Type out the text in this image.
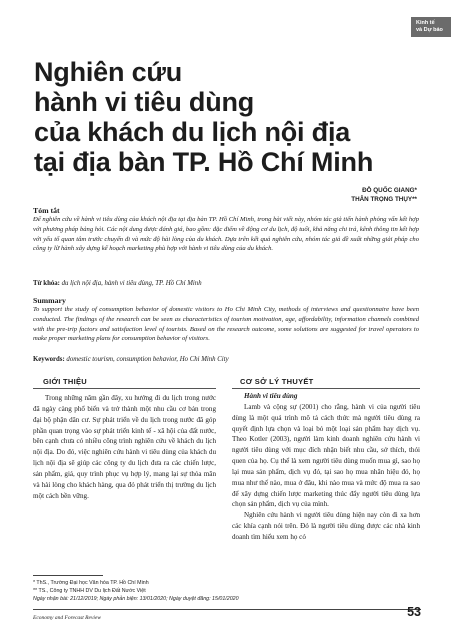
Kinh tế
và Dự báo
Nghiên cứu
hành vi tiêu dùng
của khách du lịch nội địa
tại địa bàn TP. Hồ Chí Minh
ĐỖ QUỐC GIANG*
THÂN TRỌNG THỤY**
Tóm tắt
Để nghiên cứu về hành vi tiêu dùng của khách nội địa tại địa bàn TP. Hồ Chí Minh, trong bài viết này, nhóm tác giả tiến hành phỏng vấn kết hợp với phương pháp bảng hỏi. Các nội dung được đánh giá, bao gồm: đặc điểm về động cơ du lịch, độ tuổi, khả năng chi trả, kênh thông tin kết hợp với yếu tố quan tâm trước chuyến đi và mức độ hài lòng của du khách. Dựa trên kết quả nghiên cứu, nhóm tác giả đề xuất những giải pháp cho công ty lữ hành xây dựng kế hoạch marketing phù hợp với hành vi tiêu dùng của du khách.
Từ khóa: du lịch nội địa, hành vi tiêu dùng, TP. Hồ Chí Minh
Summary
To support the study of consumption behavior of domestic visitors to Ho Chi Minh City, methods of interviews and questionnaire have been conducted. The findings of the research can be seen as characteristics of tourism motivation, age, affordability, information channels combined with the pre-trip factors and satisfaction level of tourists. Based on the research outcome, some solutions are suggested for travel operators to make proper marketing plans for consumption behavior of visitors.
Keywords: domestic tourism, consumption behavior, Ho Chi Minh City
GIỚI THIỆU

Trong những năm gần đây, xu hướng đi du lịch trong nước đã ngày càng phổ biến và trở thành một nhu cầu cơ bản trong đại bộ phận dân cư. Sự phát triển về du lịch trong nước đã góp phần quan trọng vào sự phát triển kinh tế - xã hội của đất nước, bên cạnh chưa có nhiều công trình nghiên cứu về khách du lịch nội địa. Do đó, việc nghiên cứu hành vi tiêu dùng của khách du lịch nội địa sẽ giúp các công ty du lịch đưa ra các chiến lược, sản phẩm, giá, quy trình phục vụ hợp lý, mang lại sự thỏa mãn và hài lòng cho khách hàng, qua đó phát triển thị trường du lịch một cách bền vững.

CƠ SỞ LÝ THUYẾT

Hành vi tiêu dùng

Lamb và cộng sự (2001) cho rằng, hành vi của người tiêu dùng là một quá trình mô tả cách thức mà người tiêu dùng ra quyết định lựa chọn và loại bỏ một loại sản phẩm hay dịch vụ. Theo Kotler (2003), người làm kinh doanh nghiên cứu hành vi người tiêu dùng với mục đích nhận biết nhu cầu, sở thích, thói quen của họ. Cụ thể là xem người tiêu dùng muốn mua gì, sao họ lại mua sản phẩm, dịch vụ đó, tại sao họ mua nhãn hiệu đó, họ mua như thế nào, mua ở đâu, khi nào mua và mức độ mua ra sao để xây dựng chiến lược marketing thúc đẩy người tiêu dùng lựa chọn sản phẩm, dịch vụ của mình.

Nghiên cứu hành vi người tiêu dùng hiện nay còn đi xa hơn các khía cạnh nói trên. Đó là người tiêu dùng được các nhà kinh doanh tìm hiểu xem họ có

* ThS., Trường Đại học Văn hóa TP. Hồ Chí Minh
** TS., Công ty TNHH DV Du lịch Đất Nước Việt
Ngày nhận bài: 21/12/2019; Ngày phản biện: 13/01/2020; Ngày duyệt đăng: 15/01/2020
Economy and Forecast Review	53
